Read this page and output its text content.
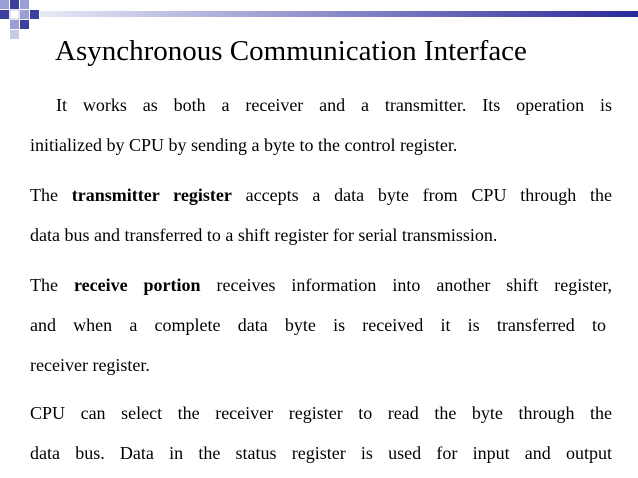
Asynchronous Communication Interface
It works as both a receiver and a transmitter. Its operation is
initialized by CPU by sending a byte to the control register.
The transmitter register accepts a data byte from CPU through the
data bus and transferred to a shift register for serial transmission.
The receive portion receives information into another shift register,
and when a complete data byte is received it is transferred to
receiver register.
CPU can select the receiver register to read the byte through the
data bus. Data in the status register is used for input and output
